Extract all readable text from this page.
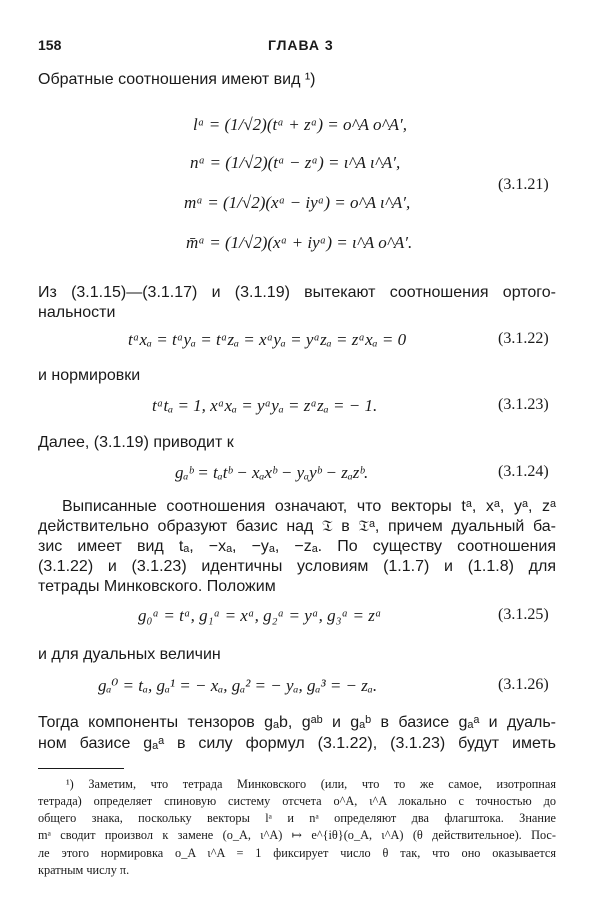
158	ГЛАВА 3
Обратные соотношения имеют вид ¹)
lᵃ = (1/√2)(tᵃ + zᵃ) = o^A o^A′,
nᵃ = (1/√2)(tᵃ − zᵃ) = ι^A ι^A′,
mᵃ = (1/√2)(xᵃ − iyᵃ) = o^A ι^A′,
m̄ᵃ = (1/√2)(xᵃ + iyᵃ) = ι^A o^A′.
(3.1.21)
Из (3.1.15)—(3.1.17) и (3.1.19) вытекают соотношения ортого-
нальности
tᵃxₐ = tᵃyₐ = tᵃzₐ = xᵃyₐ = yᵃzₐ = zᵃxₐ = 0	(3.1.22)
и нормировки
tᵃtₐ = 1, xᵃxₐ = yᵃyₐ = zᵃzₐ = − 1.	(3.1.23)
Далее, (3.1.19) приводит к
gₐᵇ = tₐtᵇ − xₐxᵇ − yₐyᵇ − zₐzᵇ.	(3.1.24)
Выписанные соотношения означают, что векторы tᵃ, xᵃ, yᵃ, zᵃ
действительно образуют базис над 𝔗 в 𝔗ᵃ, причем дуальный ба-
зис имеет вид tₐ, −xₐ, −yₐ, −zₐ. По существу соотношения
(3.1.22) и (3.1.23) идентичны условиям (1.1.7) и (1.1.8) для
тетрады Минковского. Положим
g₀ᵃ = tᵃ, g₁ᵃ = xᵃ, g₂ᵃ = yᵃ, g₃ᵃ = zᵃ	(3.1.25)
и для дуальных величин
gₐ⁰ = tₐ, gₐ¹ = − xₐ, gₐ² = − yₐ, gₐ³ = − zₐ.	(3.1.26)
Тогда компоненты тензоров gₐb, gᵃᵇ и gₐᵇ в базисе gₐᵃ и дуаль-
ном базисе gₐᵃ в силу формул (3.1.22), (3.1.23) будут иметь
¹) Заметим, что тетрада Минковского (или, что то же самое, изотропная
тетрада) определяет спиновую систему отсчета o^A, ι^A локально с точностью до
общего знака, поскольку векторы lᵃ и nᵃ определяют два флагштока. Знание
mᵃ сводит произвол к замене (o_A, ι^A) ↦ e^{iθ}(o_A, ι^A) (θ действительное). Пос-
ле этого нормировка o_A ι^A = 1 фиксирует число θ так, что оно оказывается
кратным числу π.
